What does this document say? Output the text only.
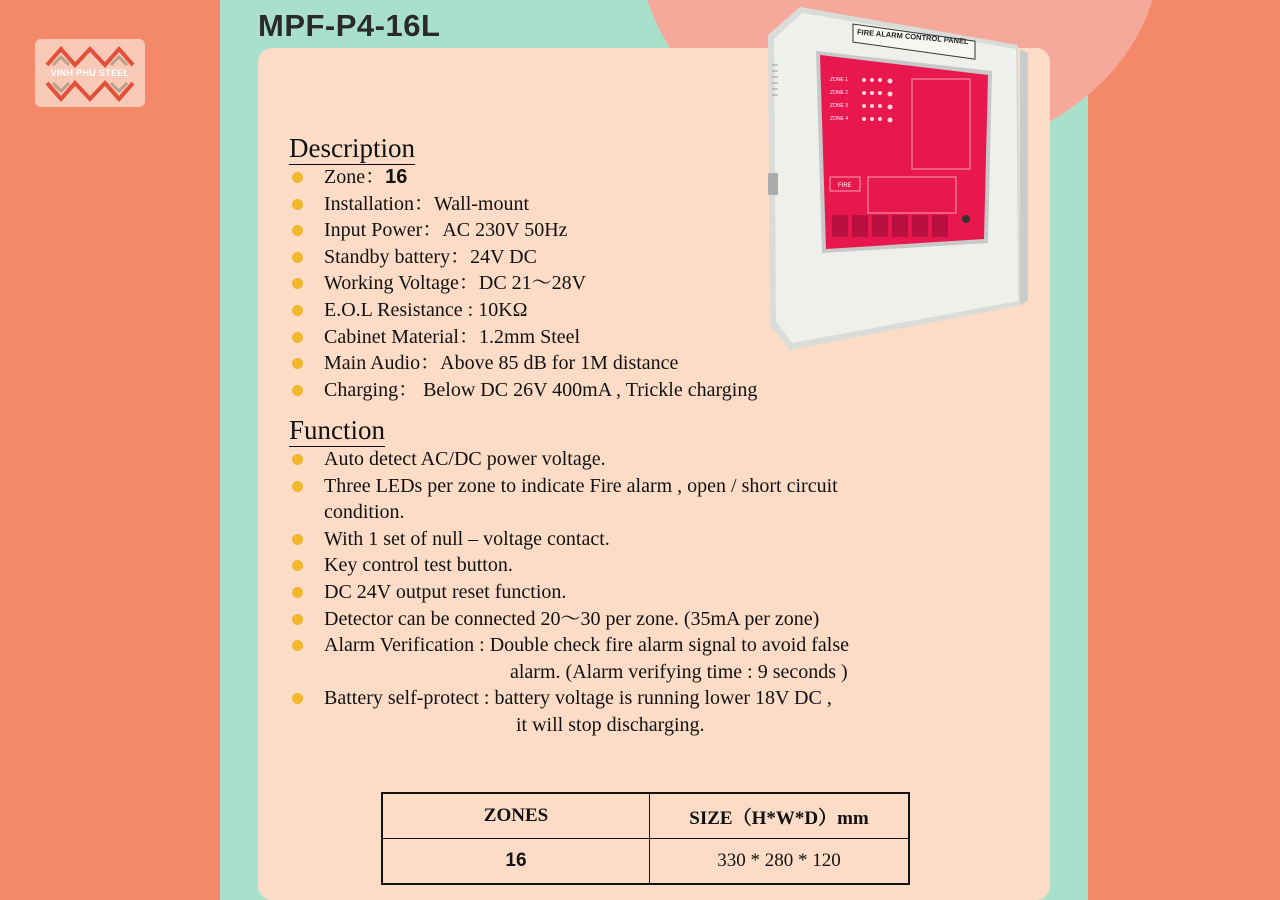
VINH PHU STEEL
MPF-P4-16L	FIRE ALARM CONTROL PANEL
ZONE 1
ZONE 2
ZONE 3
ZONE 4
FIRE
Description
Zone：16
Installation：Wall-mount
Input Power：AC 230V 50Hz
Standby battery：24V DC
Working Voltage：DC 21～28V
E.O.L Resistance : 10KΩ
Cabinet Material：1.2mm Steel
Main Audio：Above 85 dB for 1M distance
Charging： Below DC 26V 400mA , Trickle charging
Function
Auto detect AC/DC power voltage.
Three LEDs per zone to indicate Fire alarm , open / short circuit
condition.
With 1 set of null – voltage contact.
Key control test button.
DC 24V output reset function.
Detector can be connected 20～30 per zone. (35mA per zone)
Alarm Verification : Double check fire alarm signal to avoid false
alarm. (Alarm verifying time : 9 seconds )
Battery self-protect : battery voltage is running lower 18V DC ,
it will stop discharging.
ZONES	SIZE（H*W*D）mm
16	330 * 280 * 120
